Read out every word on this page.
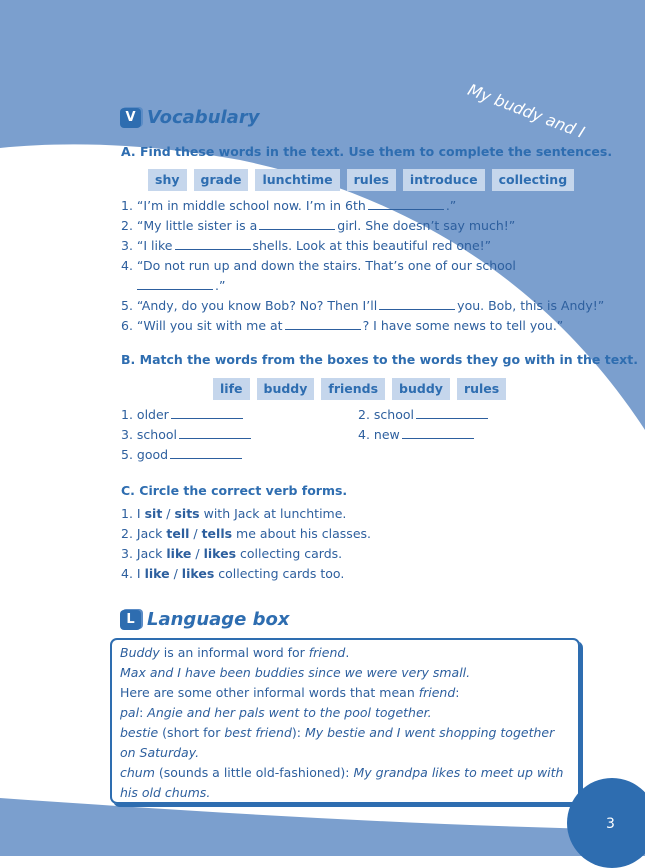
My buddy and I
V Vocabulary
A. Find these words in the text. Use them to complete the sentences.
shy	grade	lunchtime	rules	introduce	collecting
1. “I’m in middle school now. I’m in 6th	.”
2. “My little sister is a	girl. She doesn’t say much!”
3. “I like	shells. Look at this beautiful red one!”
4. “Do not run up and down the stairs. That’s one of our school
.”
5. “Andy, do you know Bob? No? Then I’ll	you. Bob, this is Andy!”
6. “Will you sit with me at	? I have some news to tell you.”
B. Match the words from the boxes to the words they go with in the text.
life	buddy	friends	buddy	rules
1. older	2. school
3. school	4. new
5. good
C. Circle the correct verb forms.
1. I sit / sits with Jack at lunchtime.
2. Jack tell / tells me about his classes.
3. Jack like / likes collecting cards.
4. I like / likes collecting cards too.
L Language box
Buddy is an informal word for friend.
Max and I have been buddies since we were very small.
Here are some other informal words that mean friend:
pal: Angie and her pals went to the pool together.
bestie (short for best friend): My bestie and I went shopping together on Saturday.
chum (sounds a little old-fashioned): My grandpa likes to meet up with his old chums.
3
